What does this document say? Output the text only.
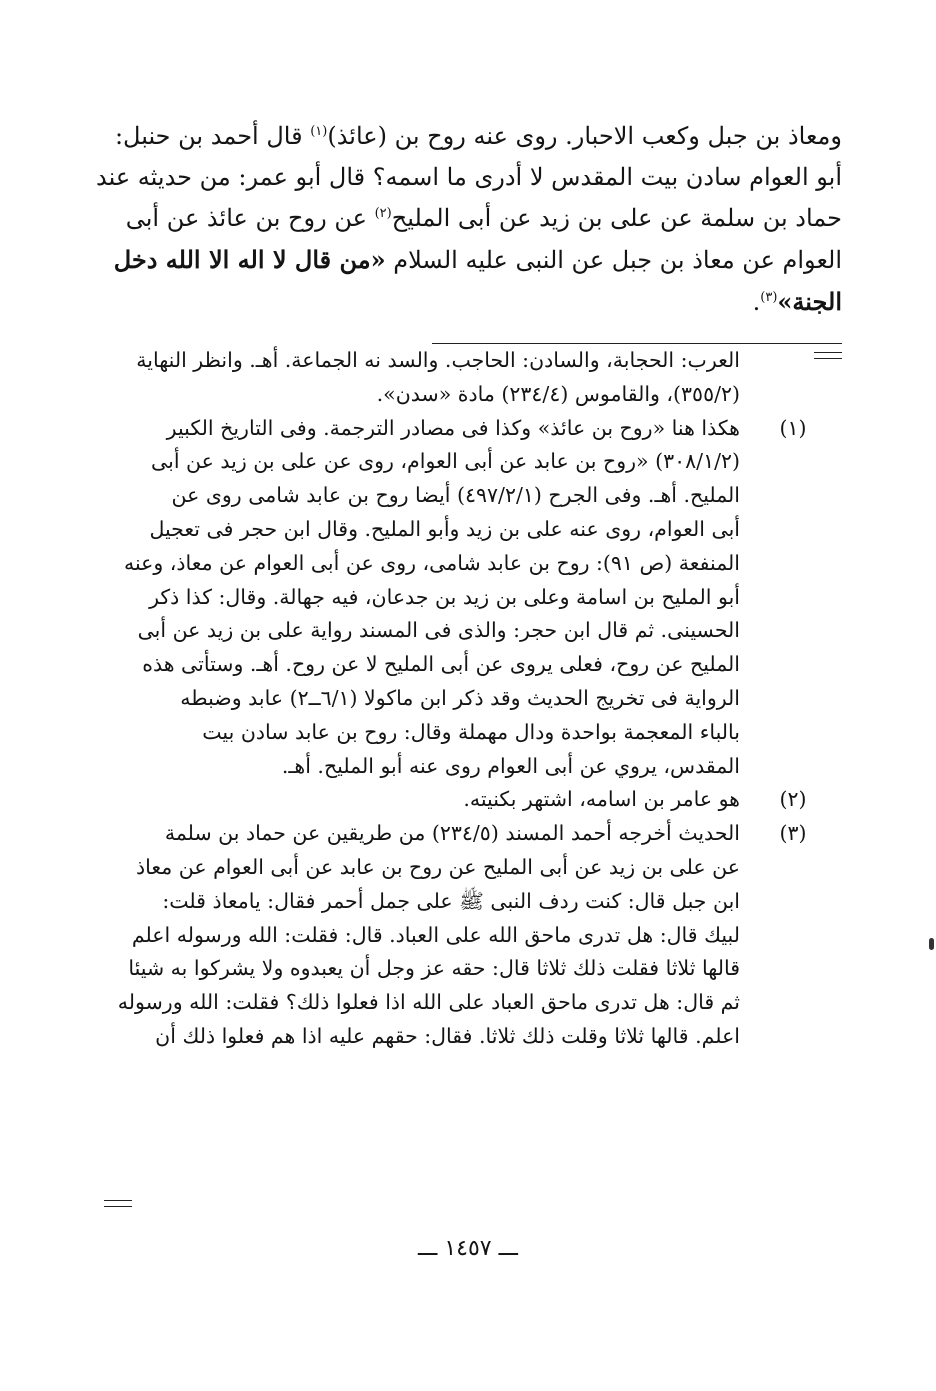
ومعاذ بن جبل وكعب الاحبار. روى عنه روح بن (عائذ)$^{(١)}$ قال أحمد بن حنبل:

أبو العوام سادن بيت المقدس لا أدرى ما اسمه؟ قال أبو عمر: من حديثه عند

حماد بن سلمة عن على بن زيد عن أبى المليح$^{(٢)}$ عن روح بن عائذ عن أبى

العوام عن معاذ بن جبل عن النبى عليه السلام «من قال لا اله الا الله دخل

الجنة»$^{(٣)}$.

العرب: الحجابة، والسادن: الحاجب. والسد نه الجماعة. أهـ. وانظر النهاية
(٣٥٥/٢)، والقاموس (٢٣٤/٤) مادة «سدن».
(١)
هكذا هنا «روح بن عائذ» وكذا فى مصادر الترجمة. وفى التاريخ الكبير
(٣٠٨/١/٢) «روح بن عابد عن أبى العوام، روى عن على بن زيد عن أبى
المليح. أهـ. وفى الجرح (٤٩٧/٢/١) أيضا روح بن عابد شامى روى عن
أبى العوام، روى عنه على بن زيد وأبو المليح. وقال ابن حجر فى تعجيل
المنفعة (ص ٩١): روح بن عابد شامى، روى عن أبى العوام عن معاذ، وعنه
أبو المليح بن اسامة وعلى بن زيد بن جدعان، فيه جهالة. وقال: كذا ذكر
الحسينى. ثم قال ابن حجر: والذى فى المسند رواية على بن زيد عن أبى
المليح عن روح، فعلى يروى عن أبى المليح لا عن روح. أهـ. وستأتى هذه
الرواية فى تخريج الحديث وقد ذكر ابن ماكولا (٦/١ــ٢) عابد وضبطه
بالباء المعجمة بواحدة ودال مهملة وقال: روح بن عابد سادن بيت
المقدس، يروي عن أبى العوام روى عنه أبو المليح. أهـ.
(٢)
هو عامر بن اسامه، اشتهر بكنيته.
(٣)
الحديث أخرجه أحمد المسند (٢٣٤/٥) من طريقين عن حماد بن سلمة
عن على بن زيد عن أبى المليح عن روح بن عابد عن أبى العوام عن معاذ
ابن جبل قال: كنت ردف النبى ﷺ على جمل أحمر فقال: يامعاذ قلت:
لبيك قال: هل تدرى ماحق الله على العباد. قال: فقلت: الله ورسوله اعلم
قالها ثلاثا فقلت ذلك ثلاثا قال: حقه عز وجل أن يعبدوه ولا يشركوا به شيئا
ثم قال: هل تدرى ماحق العباد على الله اذا فعلوا ذلك؟ فقلت: الله ورسوله
اعلم. قالها ثلاثا وقلت ذلك ثلاثا. فقال: حقهم عليه اذا هم فعلوا ذلك أن
ـــ ١٤٥٧ ـــ
